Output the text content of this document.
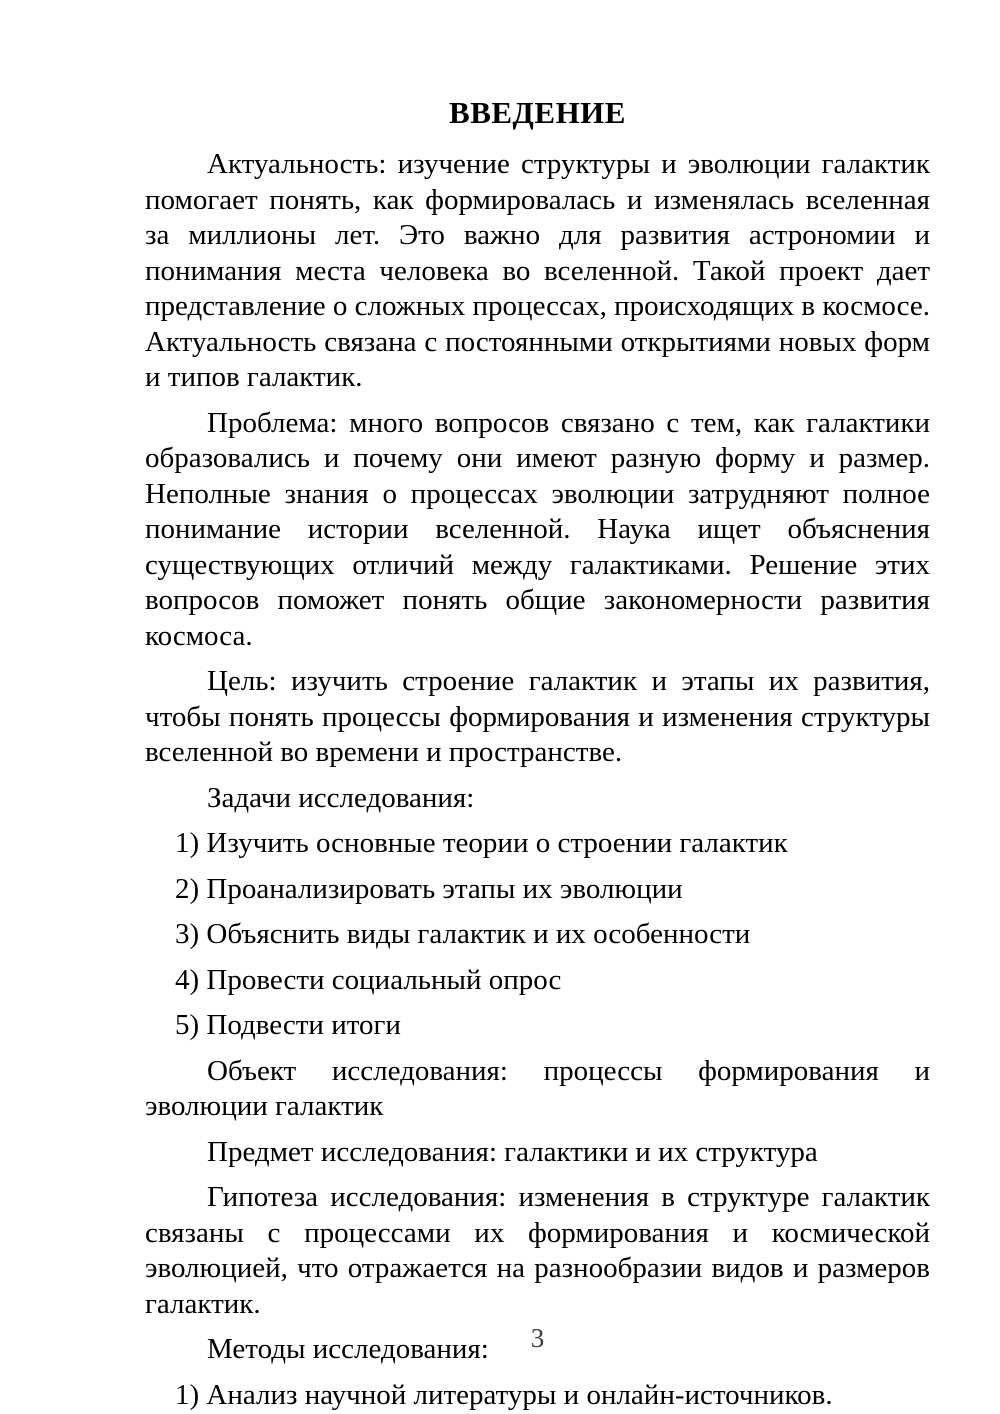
ВВЕДЕНИЕ

Актуальность: изучение структуры и эволюции галактик помогает понять, как формировалась и изменялась вселенная за миллионы лет. Это важно для развития астрономии и понимания места человека во вселенной. Такой проект дает представление о сложных процессах, происходящих в космосе. Актуальность связана с постоянными открытиями новых форм и типов галактик.

Проблема: много вопросов связано с тем, как галактики образовались и почему они имеют разную форму и размер. Неполные знания о процессах эволюции затрудняют полное понимание истории вселенной. Наука ищет объяснения существующих отличий между галактиками. Решение этих вопросов поможет понять общие закономерности развития космоса.

Цель: изучить строение галактик и этапы их развития, чтобы понять процессы формирования и изменения структуры вселенной во времени и пространстве.

Задачи исследования:

1) Изучить основные теории о строении галактик

2) Проанализировать этапы их эволюции

3) Объяснить виды галактик и их особенности

4) Провести социальный опрос

5) Подвести итоги

Объект исследования: процессы формирования и эволюции галактик

Предмет исследования: галактики и их структура

Гипотеза исследования: изменения в структуре галактик связаны с процессами их формирования и космической эволюцией, что отражается на разнообразии видов и размеров галактик.

Методы исследования:

1) Анализ научной литературы и онлайн-источников.

3
